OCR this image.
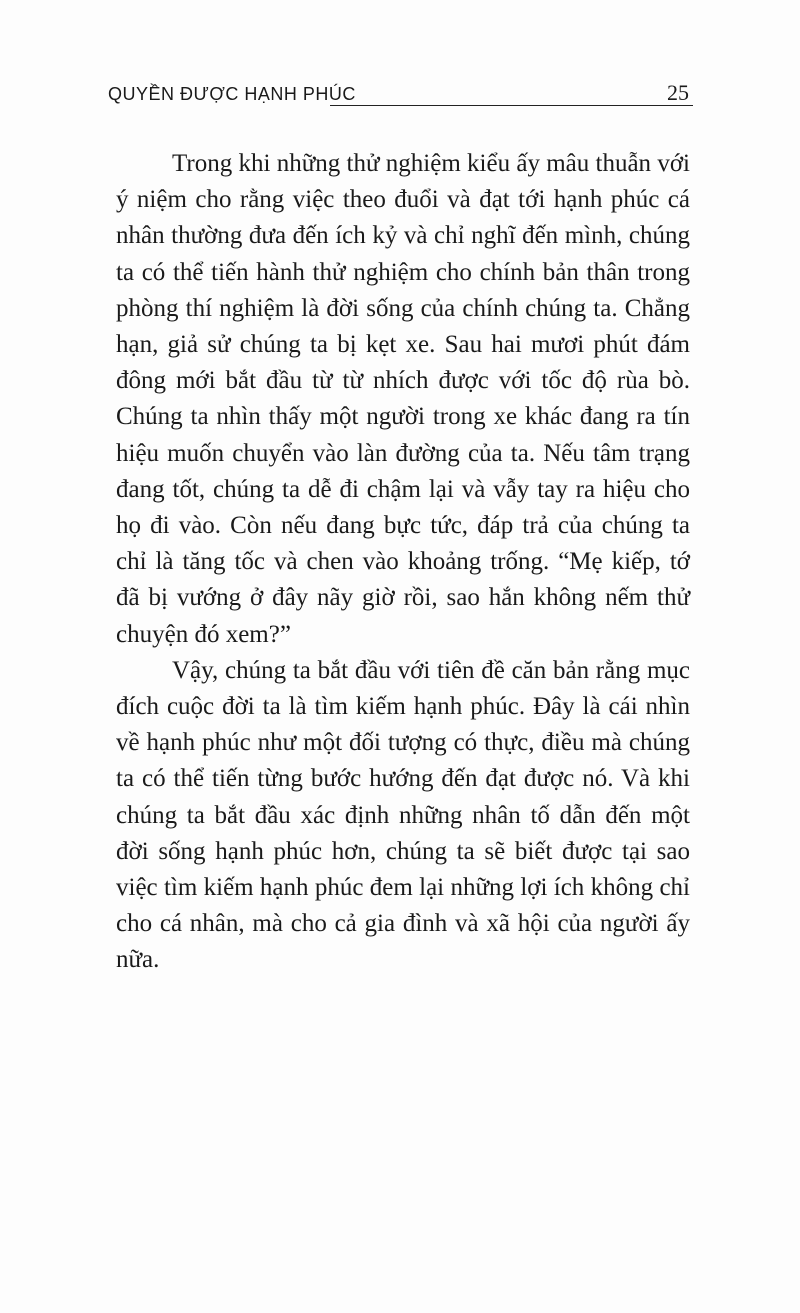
QUYỀN ĐƯỢC HẠNH PHÚC	25

Trong khi những thử nghiệm kiểu ấy mâu thuẫn với ý niệm cho rằng việc theo đuổi và đạt tới hạnh phúc cá nhân thường đưa đến ích kỷ và chỉ nghĩ đến mình, chúng ta có thể tiến hành thử nghiệm cho chính bản thân trong phòng thí nghiệm là đời sống của chính chúng ta. Chẳng hạn, giả sử chúng ta bị kẹt xe. Sau hai mươi phút đám đông mới bắt đầu từ từ nhích được với tốc độ rùa bò. Chúng ta nhìn thấy một người trong xe khác đang ra tín hiệu muốn chuyển vào làn đường của ta. Nếu tâm trạng đang tốt, chúng ta dễ đi chậm lại và vẫy tay ra hiệu cho họ đi vào. Còn nếu đang bực tức, đáp trả của chúng ta chỉ là tăng tốc và chen vào khoảng trống. “Mẹ kiếp, tớ đã bị vướng ở đây nãy giờ rồi, sao hắn không nếm thử chuyện đó xem?”

Vậy, chúng ta bắt đầu với tiên đề căn bản rằng mục đích cuộc đời ta là tìm kiếm hạnh phúc. Đây là cái nhìn về hạnh phúc như một đối tượng có thực, điều mà chúng ta có thể tiến từng bước hướng đến đạt được nó. Và khi chúng ta bắt đầu xác định những nhân tố dẫn đến một đời sống hạnh phúc hơn, chúng ta sẽ biết được tại sao việc tìm kiếm hạnh phúc đem lại những lợi ích không chỉ cho cá nhân, mà cho cả gia đình và xã hội của người ấy nữa.
